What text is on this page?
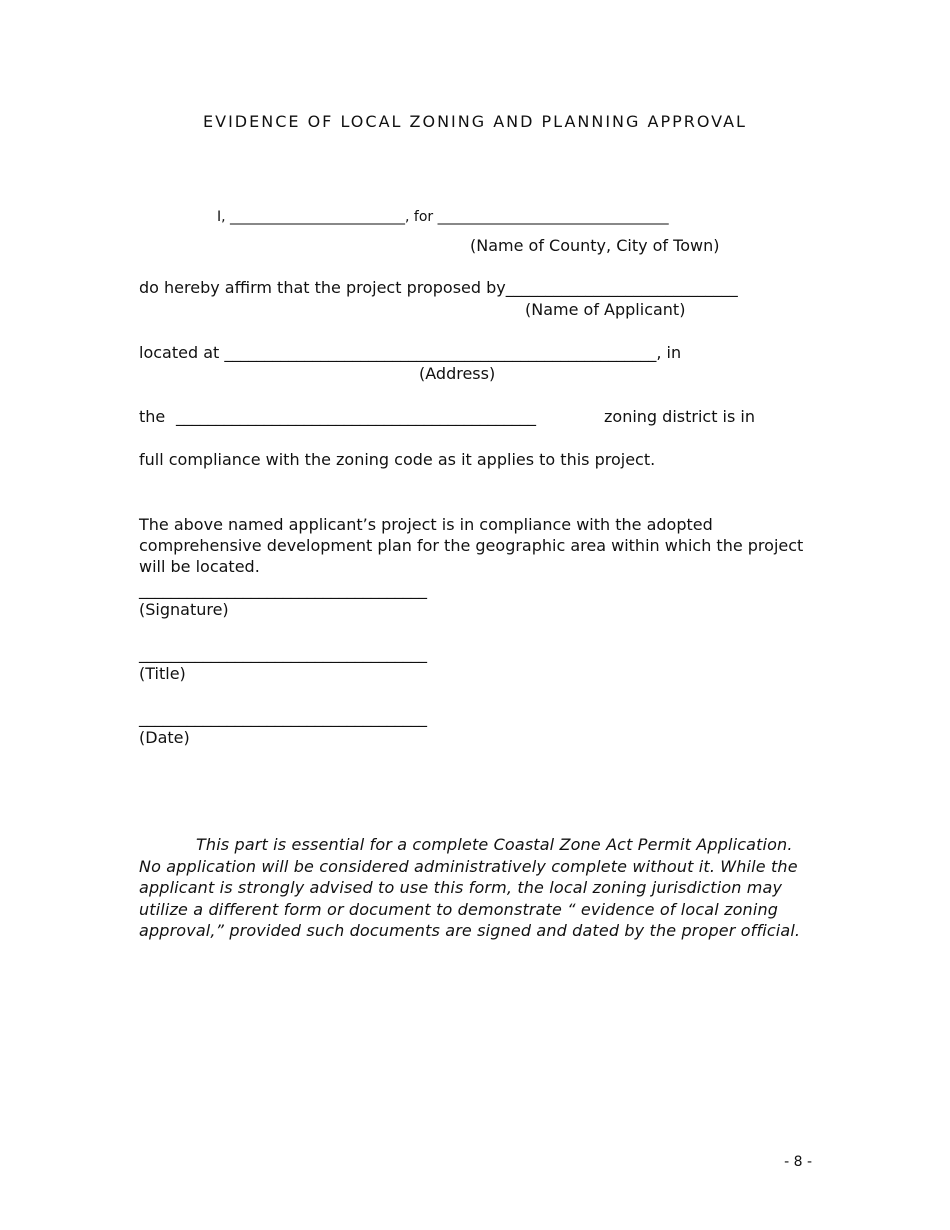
EVIDENCE OF LOCAL ZONING AND PLANNING APPROVAL
I, _________________________, for _________________________________
(Name of County, City of Town)
do hereby affirm that the project proposed by_____________________________
(Name of Applicant)
located at ______________________________________________________, in
(Address)
the _____________________________________________	zoning district is in
full compliance with the zoning code as it applies to this project.
The above named applicant’s project is in compliance with the adopted comprehensive development plan for the geographic area within which the project will be located.
____________________________________
(Signature)
____________________________________
(Title)
____________________________________
(Date)
This part is essential for a complete Coastal Zone Act Permit Application. No application will be considered administratively complete without it. While the applicant is strongly advised to use this form, the local zoning jurisdiction may utilize a different form or document to demonstrate “ evidence of local zoning approval,” provided such documents are signed and dated by the proper official.
- 8 -
